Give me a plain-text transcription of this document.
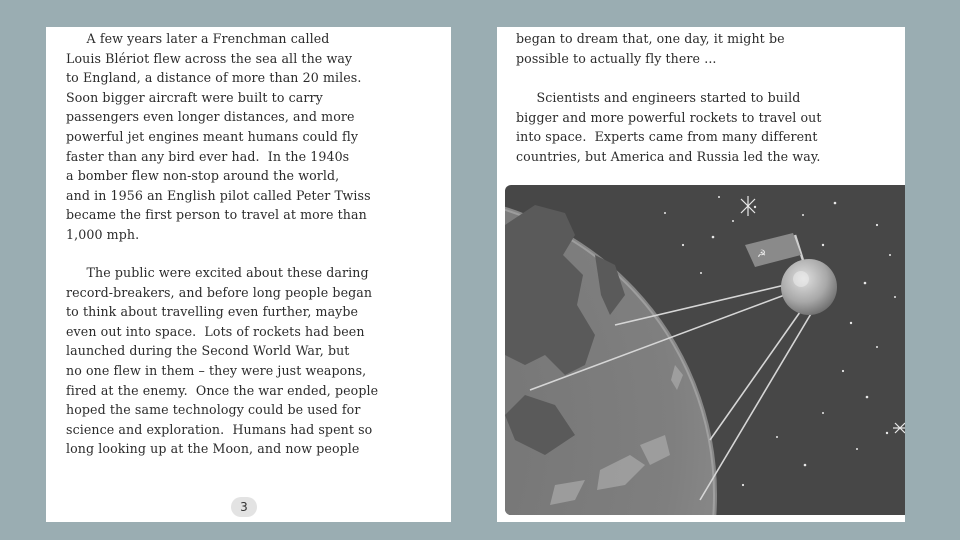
A few years later a Frenchman called
Louis Blériot flew across the sea all the way
to England, a distance of more than 20 miles.
Soon bigger aircraft were built to carry
passengers even longer distances, and more
powerful jet engines meant humans could fly
faster than any bird ever had.  In the 1940s
a bomber flew non-stop around the world,
and in 1956 an English pilot called Peter Twiss
became the first person to travel at more than
1,000 mph.
The public were excited about these daring
record-breakers, and before long people began
to think about travelling even further, maybe
even out into space.  Lots of rockets had been
launched during the Second World War, but
no one flew in them – they were just weapons,
fired at the enemy.  Once the war ended, people
hoped the same technology could be used for
science and exploration.  Humans had spent so
long looking up at the Moon, and now people
3
began to dream that, one day, it might be
possible to actually fly there ...
Scientists and engineers started to build
bigger and more powerful rockets to travel out
into space.  Experts came from many different
countries, but America and Russia led the way.
☭
